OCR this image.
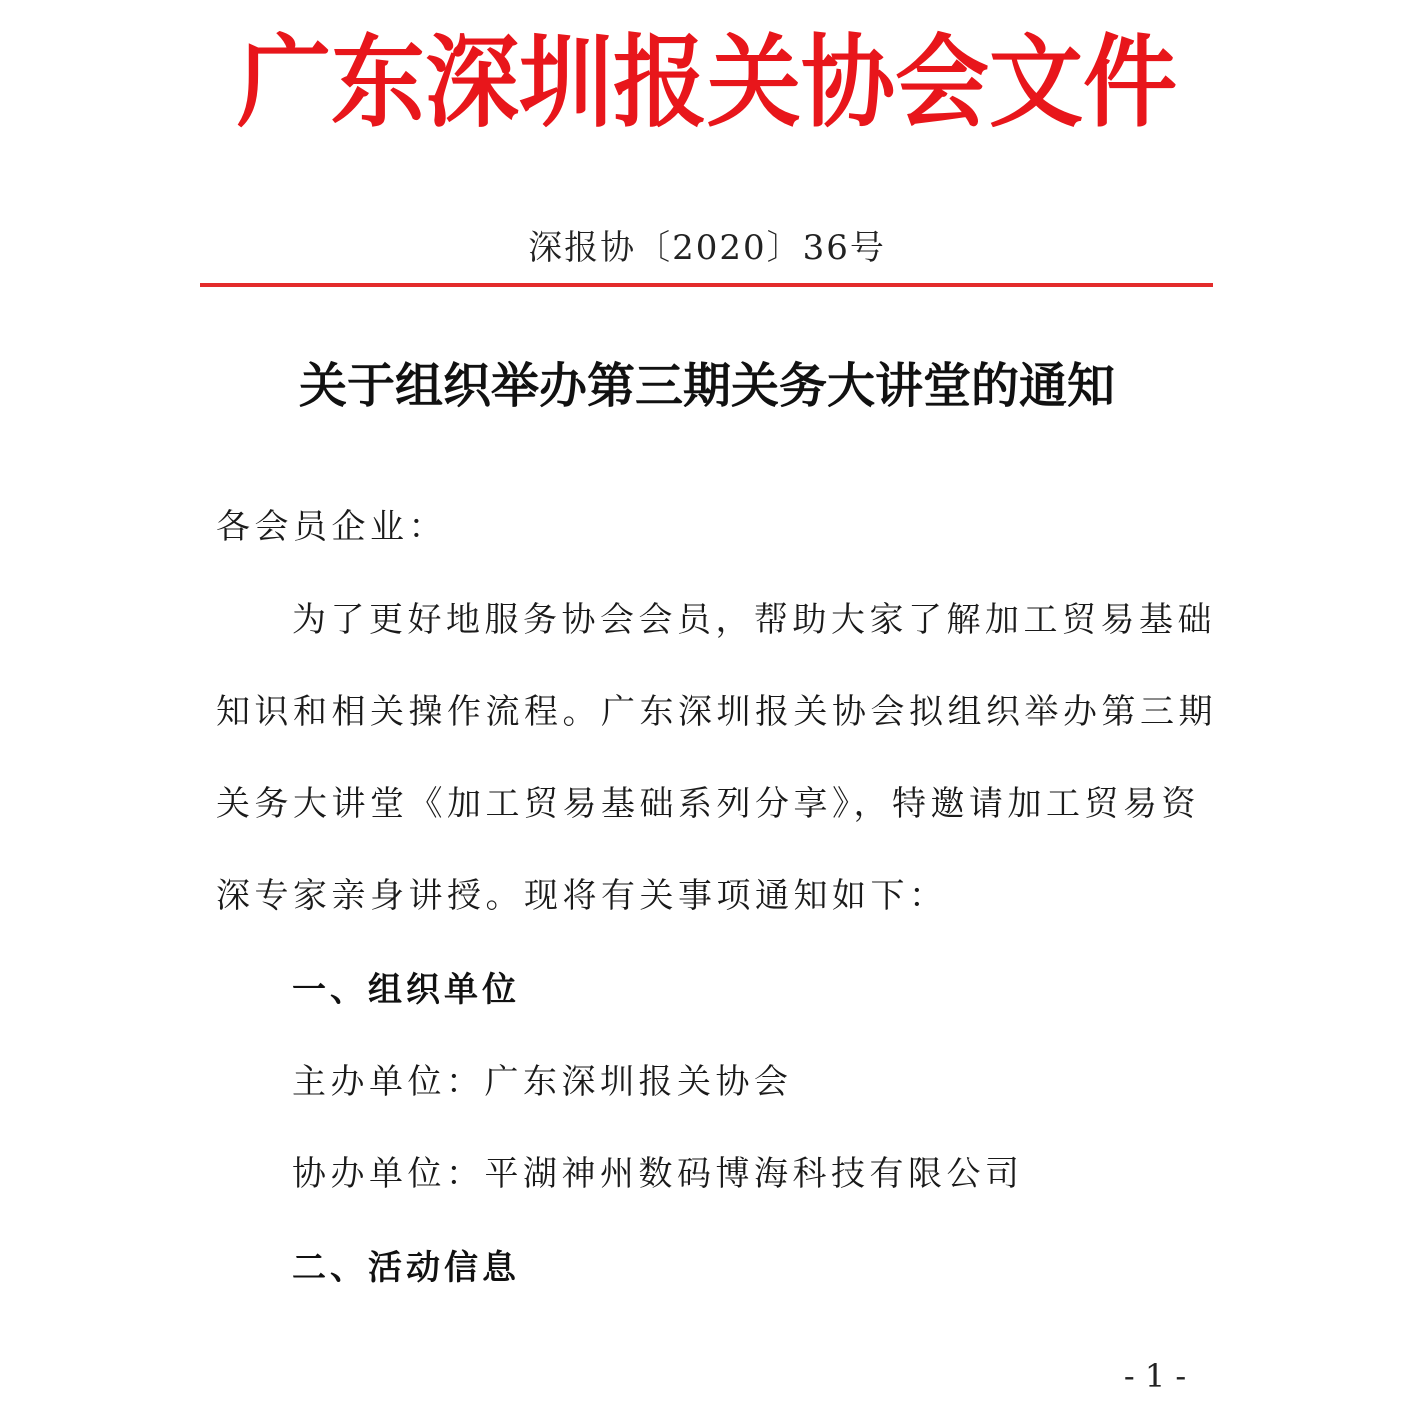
广东深圳报关协会文件
深报协〔2020〕36号
关于组织举办第三期关务大讲堂的通知
各会员企业：
为了更好地服务协会会员，帮助大家了解加工贸易基础
知识和相关操作流程。广东深圳报关协会拟组织举办第三期
关务大讲堂《加工贸易基础系列分享》，特邀请加工贸易资
深专家亲身讲授。现将有关事项通知如下：
一、组织单位
主办单位：广东深圳报关协会
协办单位：平湖神州数码博海科技有限公司
二、活动信息
- 1 -
